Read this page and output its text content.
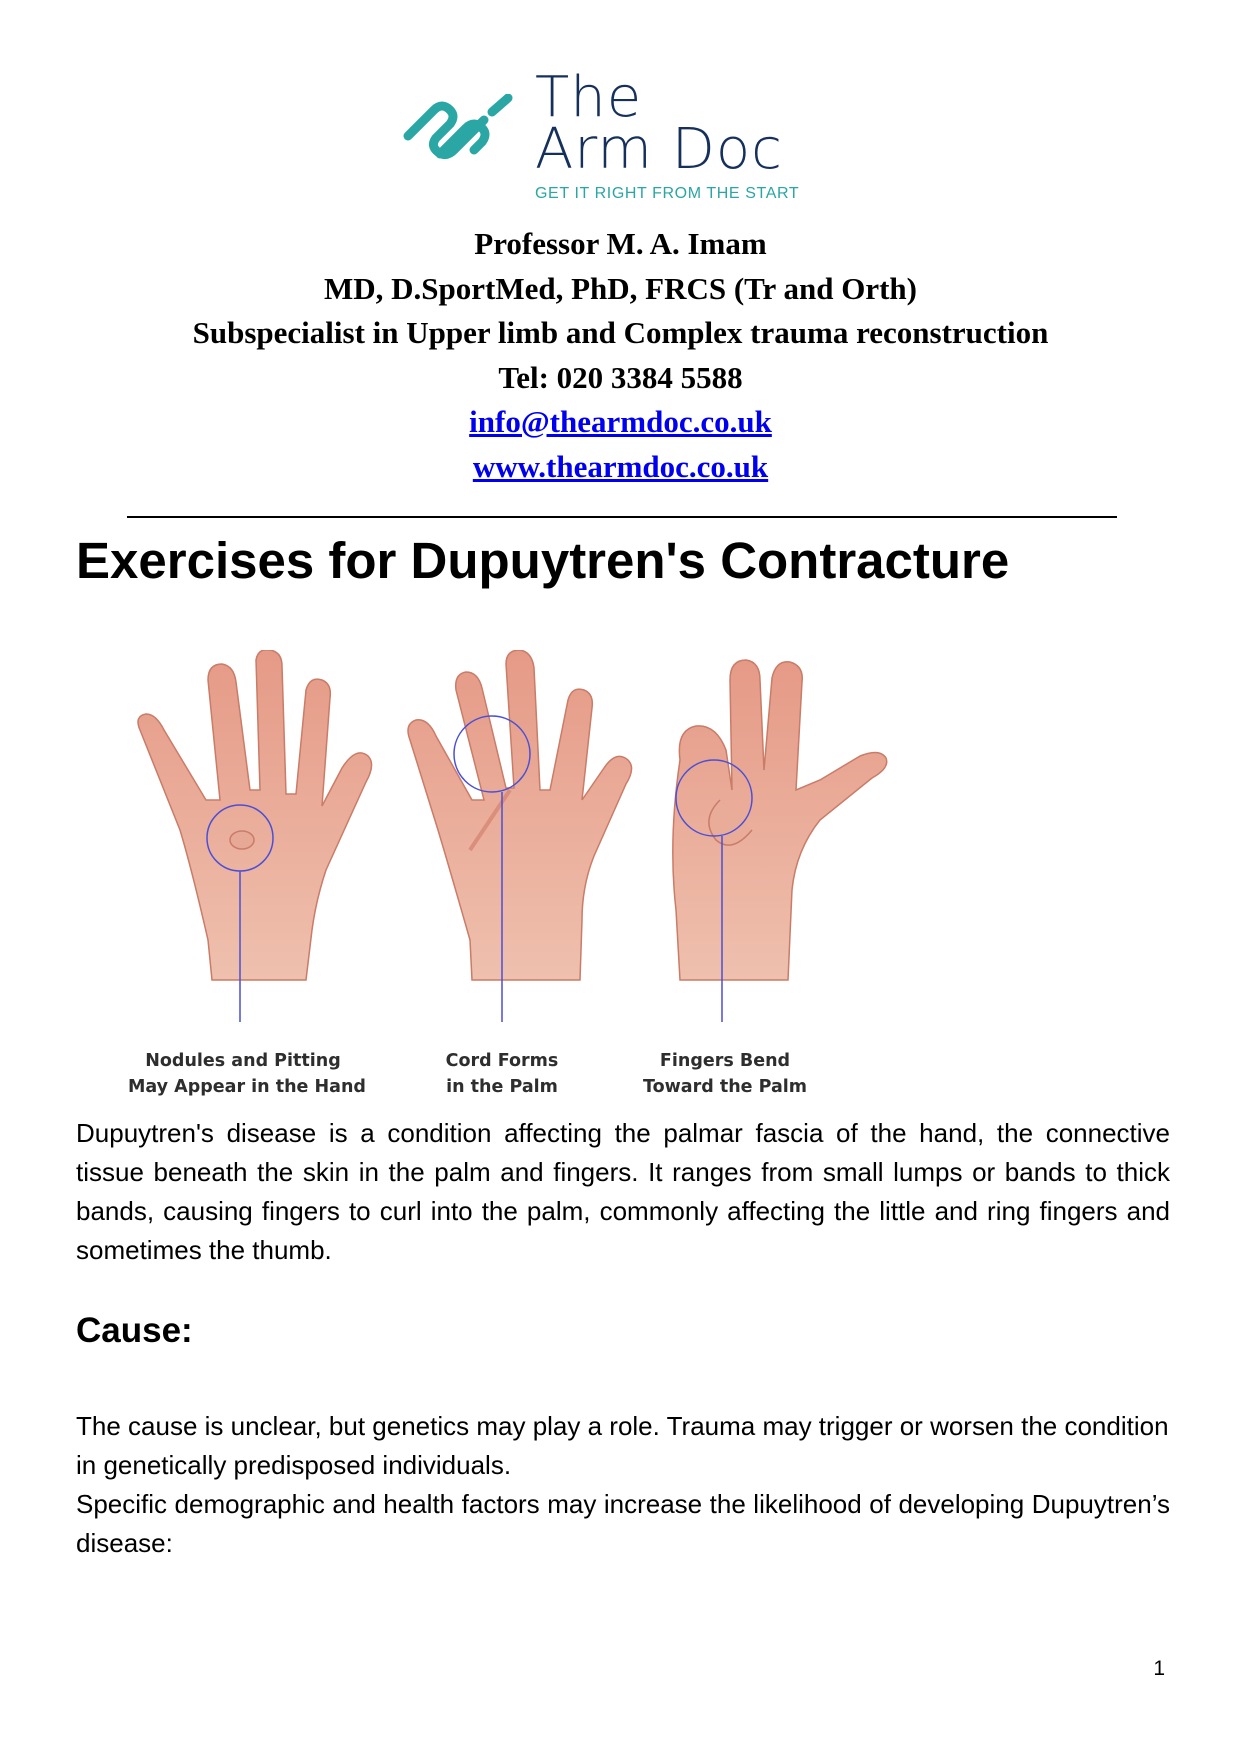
The
Arm Doc
GET IT RIGHT FROM THE START
Professor M. A. Imam
MD, D.SportMed, PhD, FRCS (Tr and Orth)
Subspecialist in Upper limb and Complex trauma reconstruction
Tel: 020 3384 5588
info@thearmdoc.co.uk
www.thearmdoc.co.uk
Exercises for Dupuytren's Contracture
Nodules and Pitting
May Appear in the Hand
Cord Forms
in the Palm
Fingers Bend
Toward the Palm

Dupuytren's disease is a condition affecting the palmar fascia of the hand, the connective tissue beneath the skin in the palm and fingers. It ranges from small lumps or bands to thick bands, causing fingers to curl into the palm, commonly affecting the little and ring fingers and sometimes the thumb.

Cause:

The cause is unclear, but genetics may play a role. Trauma may trigger or worsen the condition in genetically predisposed individuals.

Specific demographic and health factors may increase the likelihood of developing Dupuytren’s disease:

1
